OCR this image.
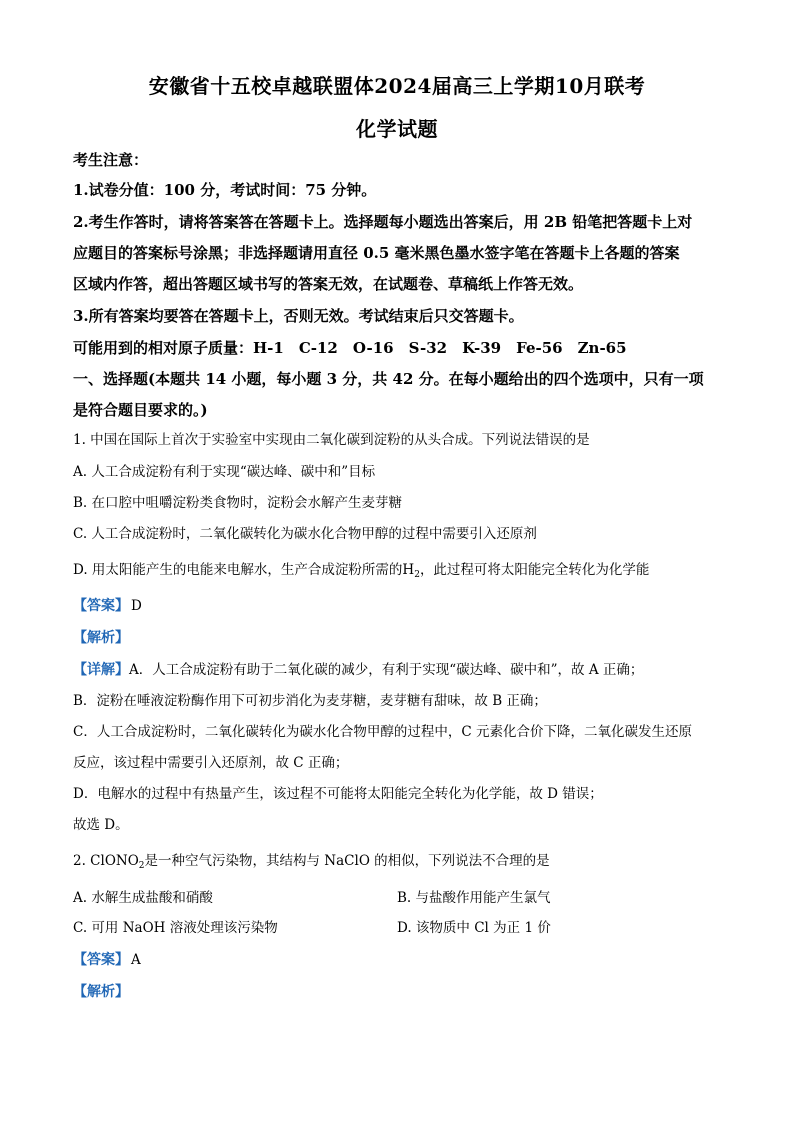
安徽省十五校卓越联盟体2024届高三上学期10月联考
化学试题
考生注意：
1.试卷分值：100 分，考试时间：75 分钟。
2.考生作答时，请将答案答在答题卡上。选择题每小题选出答案后，用 2B 铅笔把答题卡上对
应题目的答案标号涂黑；非选择题请用直径 0.5 毫米黑色墨水签字笔在答题卡上各题的答案
区域内作答，超出答题区域书写的答案无效，在试题卷、草稿纸上作答无效。
3.所有答案均要答在答题卡上，否则无效。考试结束后只交答题卡。
可能用到的相对原子质量：H-1　C-12　O-16　S-32　K-39　Fe-56　Zn-65
一、选择题(本题共 14 小题，每小题 3 分，共 42 分。在每小题给出的四个选项中，只有一项
是符合题目要求的。)
1. 中国在国际上首次于实验室中实现由二氧化碳到淀粉的从头合成。下列说法错误的是
A. 人工合成淀粉有利于实现“碳达峰、碳中和”目标
B. 在口腔中咀嚼淀粉类食物时，淀粉会水解产生麦芽糖
C. 人工合成淀粉时，二氧化碳转化为碳水化合物甲醇的过程中需要引入还原剂
D. 用太阳能产生的电能来电解水，生产合成淀粉所需的$H_2$，此过程可将太阳能完全转化为化学能
【答案】 D
【解析】
【详解】A．人工合成淀粉有助于二氧化碳的减少，有利于实现“碳达峰、碳中和”，故 A 正确；
B．淀粉在唾液淀粉酶作用下可初步消化为麦芽糖，麦芽糖有甜味，故 B 正确；
C．人工合成淀粉时，二氧化碳转化为碳水化合物甲醇的过程中，C 元素化合价下降，二氧化碳发生还原
反应，该过程中需要引入还原剂，故 C 正确；
D．电解水的过程中有热量产生，该过程不可能将太阳能完全转化为化学能，故 D 错误；
故选 D。
2. ClONO$_2$是一种空气污染物，其结构与 NaClO 的相似，下列说法不合理的是
A. 水解生成盐酸和硝酸	B. 与盐酸作用能产生氯气
C. 可用 NaOH 溶液处理该污染物	D. 该物质中 Cl 为正 1 价
【答案】 A
【解析】
